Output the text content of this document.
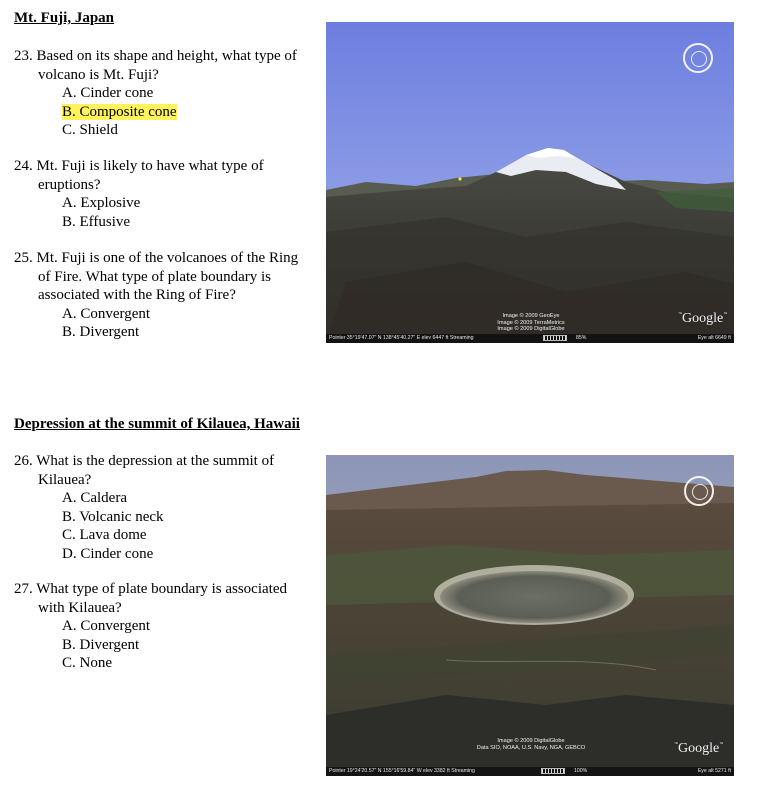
Mt. Fuji, Japan
23. Based on its shape and height, what type of volcano is Mt. Fuji?
A. Cinder cone
B. Composite cone
C. Shield
24. Mt. Fuji is likely to have what type of eruptions?
A. Explosive
B. Effusive
25. Mt. Fuji is one of the volcanoes of the Ring of Fire. What type of plate boundary is associated with the Ring of Fire?
A. Convergent
B. Divergent
Image © 2009 GeoEye
Image © 2009 TerraMetrics
Image © 2009 DigitalGlobe
™Google™
Pointer 35°19'47.07" N 138°45'40.27" E elev 6447 ft Streaming	85%	Eye alt 6649 ft
Depression at the summit of Kilauea, Hawaii
26. What is the depression at the summit of Kilauea?
A. Caldera
B. Volcanic neck
C. Lava dome
D. Cinder cone
27. What type of plate boundary is associated with Kilauea?
A. Convergent
B. Divergent
C. None
Image © 2009 DigitalGlobe
Data SIO, NOAA, U.S. Navy, NGA, GEBCO
™Google™
Pointer 19°24'20.57" N 155°16'59.84" W elev 3382 ft Streaming	100%	Eye alt 5271 ft
